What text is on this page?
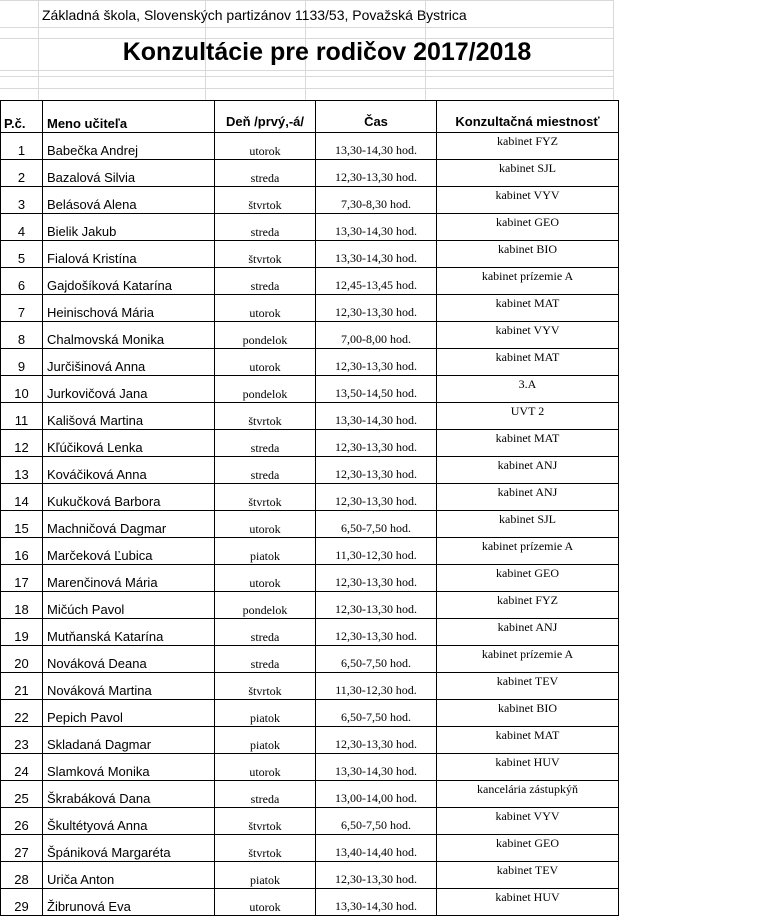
Základná škola, Slovenských partizánov 1133/53, Považská Bystrica
Konzultácie pre rodičov 2017/2018
P.č.	Meno učiteľa	Deň /prvý,-á/	Čas	Konzultačná miestnosť
1	Babečka Andrej	utorok	13,30-14,30 hod.	kabinet FYZ
2	Bazalová Silvia	streda	12,30-13,30 hod.	kabinet SJL
3	Belásová Alena	štvrtok	7,30-8,30 hod.	kabinet VYV
4	Bielik Jakub	streda	13,30-14,30 hod.	kabinet GEO
5	Fialová Kristína	štvrtok	13,30-14,30 hod.	kabinet BIO
6	Gajdošíková Katarína	streda	12,45-13,45 hod.	kabinet prízemie A
7	Heinischová Mária	utorok	12,30-13,30 hod.	kabinet MAT
8	Chalmovská Monika	pondelok	7,00-8,00 hod.	kabinet VYV
9	Jurčišinová Anna	utorok	12,30-13,30 hod.	kabinet MAT
10	Jurkovičová Jana	pondelok	13,50-14,50 hod.	3.A
11	Kališová Martina	štvrtok	13,30-14,30 hod.	UVT 2
12	Kľúčiková Lenka	streda	12,30-13,30 hod.	kabinet MAT
13	Kováčiková Anna	streda	12,30-13,30 hod.	kabinet ANJ
14	Kukučková Barbora	štvrtok	12,30-13,30 hod.	kabinet ANJ
15	Machničová Dagmar	utorok	6,50-7,50 hod.	kabinet SJL
16	Marčeková Ľubica	piatok	11,30-12,30 hod.	kabinet prízemie A
17	Marenčinová Mária	utorok	12,30-13,30 hod.	kabinet GEO
18	Mičúch Pavol	pondelok	12,30-13,30 hod.	kabinet FYZ
19	Mutňanská Katarína	streda	12,30-13,30 hod.	kabinet ANJ
20	Nováková Deana	streda	6,50-7,50 hod.	kabinet prízemie A
21	Nováková Martina	štvrtok	11,30-12,30 hod.	kabinet TEV
22	Pepich Pavol	piatok	6,50-7,50 hod.	kabinet BIO
23	Skladaná Dagmar	piatok	12,30-13,30 hod.	kabinet MAT
24	Slamková Monika	utorok	13,30-14,30 hod.	kabinet HUV
25	Škrabáková Dana	streda	13,00-14,00 hod.	kancelária zástupkýň
26	Škultétyová Anna	štvrtok	6,50-7,50 hod.	kabinet VYV
27	Špániková Margaréta	štvrtok	13,40-14,40 hod.	kabinet GEO
28	Uriča Anton	piatok	12,30-13,30 hod.	kabinet TEV
29	Žibrunová Eva	utorok	13,30-14,30 hod.	kabinet HUV
